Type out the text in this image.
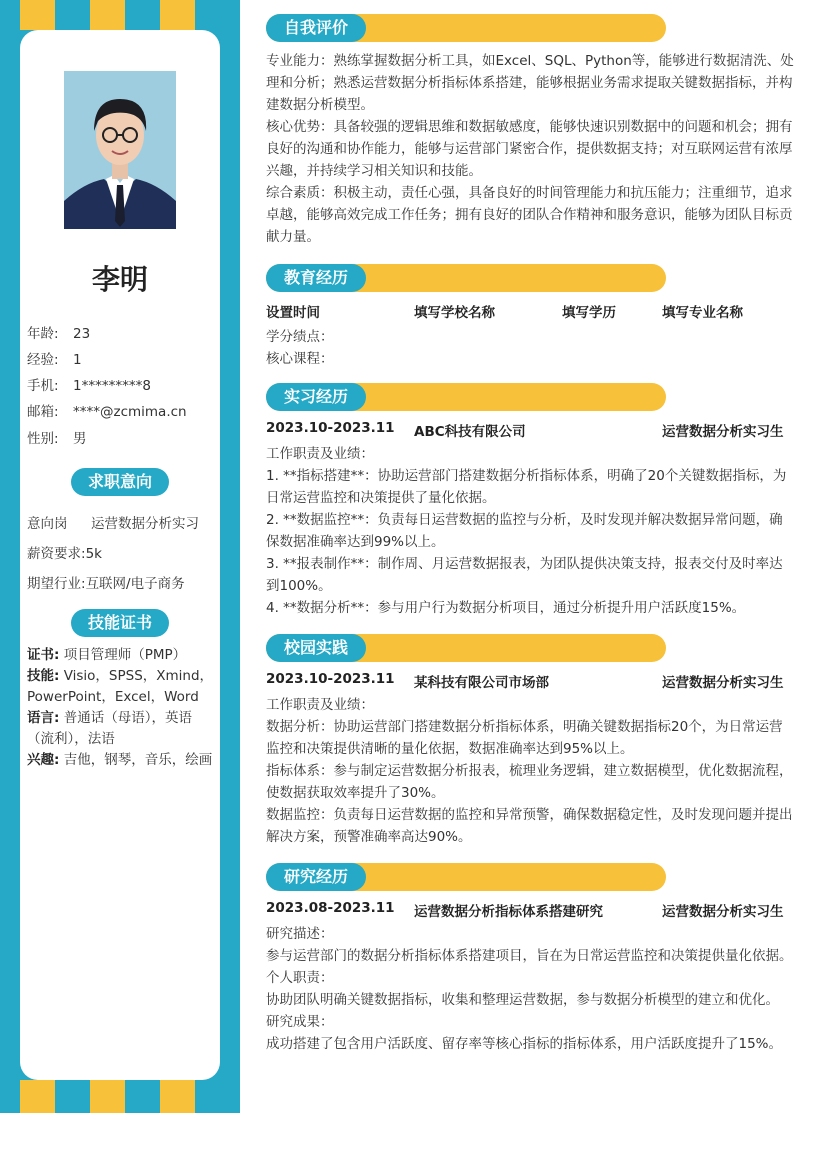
李明
年龄: 23
经验: 1
手机: 1*********8
邮箱: ****@zcmima.cn
性别: 男
求职意向
意向岗 运营数据分析实习
薪资要求:5k
期望行业:互联网/电子商务
技能证书
证书: 项目管理师（PMP）
技能: Visio，SPSS，Xmind，PowerPoint，Excel，Word
语言: 普通话（母语），英语（流利），法语
兴趣: 吉他，钢琴，音乐，绘画
自我评价
专业能力：熟练掌握数据分析工具，如Excel、SQL、Python等，能够进行数据清洗、处理和分析；熟悉运营数据分析指标体系搭建，能够根据业务需求提取关键数据指标，并构建数据分析模型。
核心优势：具备较强的逻辑思维和数据敏感度，能够快速识别数据中的问题和机会；拥有良好的沟通和协作能力，能够与运营部门紧密合作，提供数据支持；对互联网运营有浓厚兴趣，并持续学习相关知识和技能。
综合素质：积极主动，责任心强，具备良好的时间管理能力和抗压能力；注重细节，追求卓越，能够高效完成工作任务；拥有良好的团队合作精神和服务意识，能够为团队目标贡献力量。
教育经历
设置时间	填写学校名称	填写学历	填写专业名称
学分绩点：
核心课程：
实习经历
2023.10-2023.11 ABC科技有限公司	运营数据分析实习生
工作职责及业绩：
1. **指标搭建**：协助运营部门搭建数据分析指标体系，明确了20个关键数据指标，为日常运营监控和决策提供了量化依据。
2. **数据监控**：负责每日运营数据的监控与分析，及时发现并解决数据异常问题，确保数据准确率达到99%以上。
3. **报表制作**：制作周、月运营数据报表，为团队提供决策支持，报表交付及时率达到100%。
4. **数据分析**：参与用户行为数据分析项目，通过分析提升用户活跃度15%。
校园实践
2023.10-2023.11 某科技有限公司市场部	运营数据分析实习生
工作职责及业绩：
数据分析：协助运营部门搭建数据分析指标体系，明确关键数据指标20个，为日常运营监控和决策提供清晰的量化依据，数据准确率达到95%以上。
指标体系：参与制定运营数据分析报表，梳理业务逻辑，建立数据模型，优化数据流程，使数据获取效率提升了30%。
数据监控：负责每日运营数据的监控和异常预警，确保数据稳定性，及时发现问题并提出解决方案，预警准确率高达90%。
研究经历
2023.08-2023.11 运营数据分析指标体系搭建研究	运营数据分析实习生
研究描述：
参与运营部门的数据分析指标体系搭建项目，旨在为日常运营监控和决策提供量化依据。
个人职责：
协助团队明确关键数据指标，收集和整理运营数据，参与数据分析模型的建立和优化。
研究成果：
成功搭建了包含用户活跃度、留存率等核心指标的指标体系，用户活跃度提升了15%。
